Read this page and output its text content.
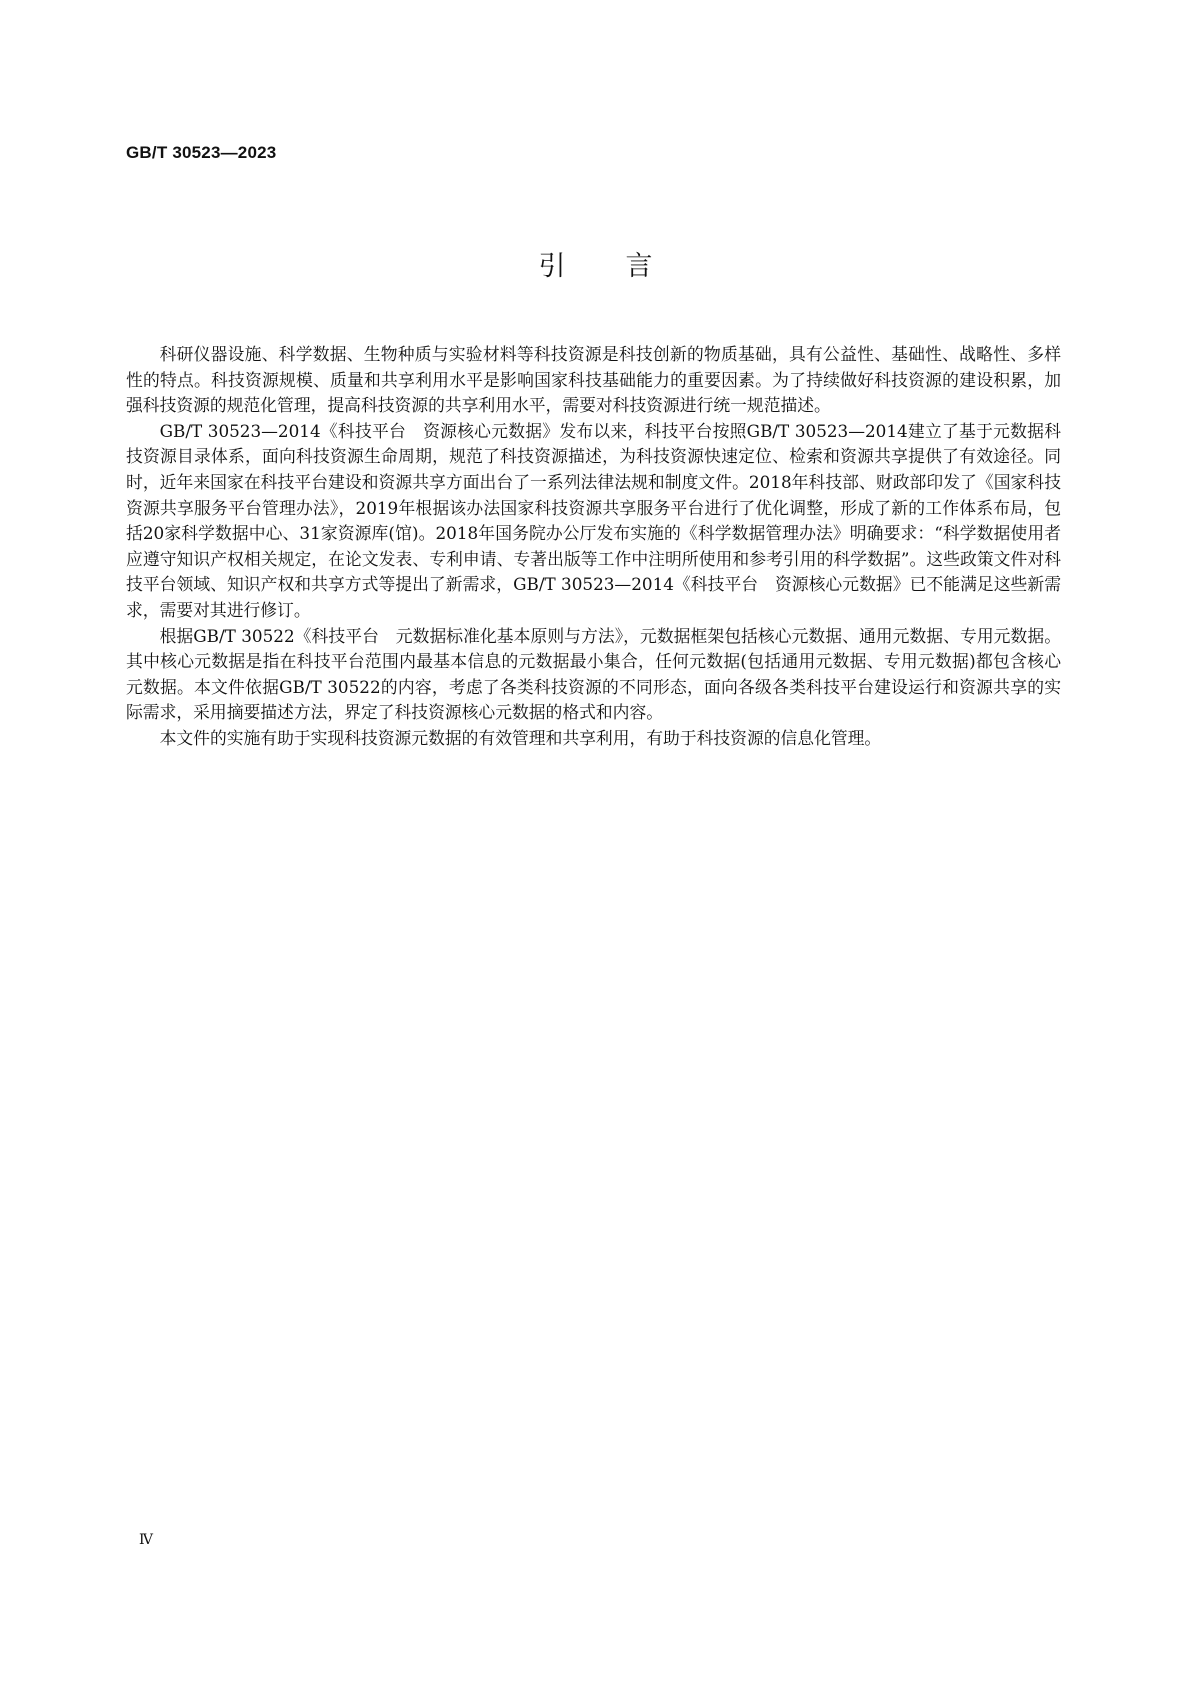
GB/T 30523—2023
引言

科研仪器设施、科学数据、生物种质与实验材料等科技资源是科技创新的物质基础，具有公益性、基础性、战略性、多样性的特点。科技资源规模、质量和共享利用水平是影响国家科技基础能力的重要因素。为了持续做好科技资源的建设积累，加强科技资源的规范化管理，提高科技资源的共享利用水平，需要对科技资源进行统一规范描述。

GB/T 30523—2014《科技平台　资源核心元数据》发布以来，科技平台按照GB/T 30523—2014建立了基于元数据科技资源目录体系，面向科技资源生命周期，规范了科技资源描述，为科技资源快速定位、检索和资源共享提供了有效途径。同时，近年来国家在科技平台建设和资源共享方面出台了一系列法律法规和制度文件。2018年科技部、财政部印发了《国家科技资源共享服务平台管理办法》，2019年根据该办法国家科技资源共享服务平台进行了优化调整，形成了新的工作体系布局，包括20家科学数据中心、31家资源库(馆)。2018年国务院办公厅发布实施的《科学数据管理办法》明确要求：“科学数据使用者应遵守知识产权相关规定，在论文发表、专利申请、专著出版等工作中注明所使用和参考引用的科学数据”。这些政策文件对科技平台领域、知识产权和共享方式等提出了新需求，GB/T 30523—2014《科技平台　资源核心元数据》已不能满足这些新需求，需要对其进行修订。

根据GB/T 30522《科技平台　元数据标准化基本原则与方法》，元数据框架包括核心元数据、通用元数据、专用元数据。其中核心元数据是指在科技平台范围内最基本信息的元数据最小集合，任何元数据(包括通用元数据、专用元数据)都包含核心元数据。本文件依据GB/T 30522的内容，考虑了各类科技资源的不同形态，面向各级各类科技平台建设运行和资源共享的实际需求，采用摘要描述方法，界定了科技资源核心元数据的格式和内容。

本文件的实施有助于实现科技资源元数据的有效管理和共享利用，有助于科技资源的信息化管理。

Ⅳ
